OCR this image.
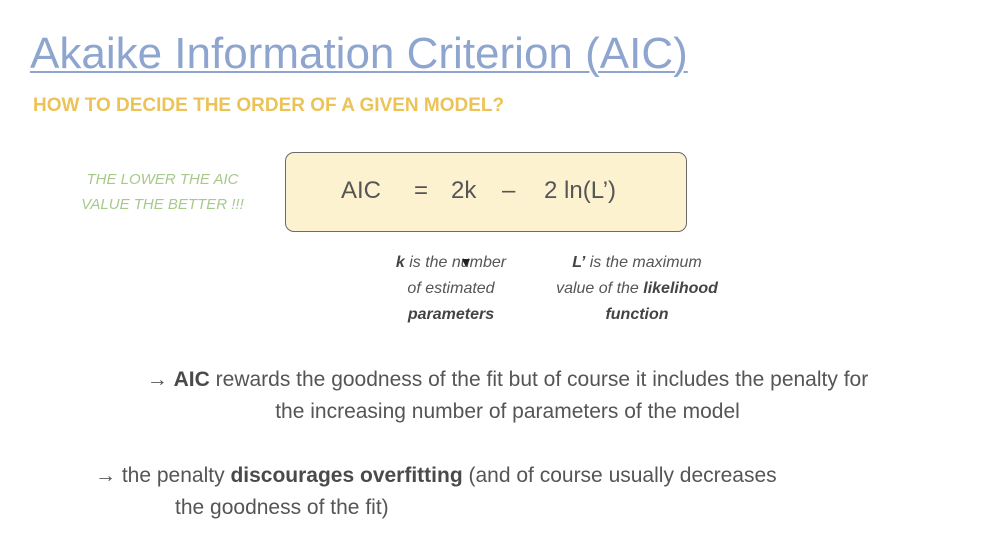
Akaike Information Criterion (AIC)
HOW TO DECIDE THE ORDER OF A GIVEN MODEL?
THE LOWER THE AIC
VALUE THE BETTER !!!
AIC = 2k – 2 ln(L’)
k is the number
of estimated
parameters
L’ is the maximum
value of the likelihood
function
→ AIC rewards the goodness of the fit but of course it includes the penalty for
the increasing number of parameters of the model
→ the penalty discourages overfitting (and of course usually decreases
the goodness of the fit)
